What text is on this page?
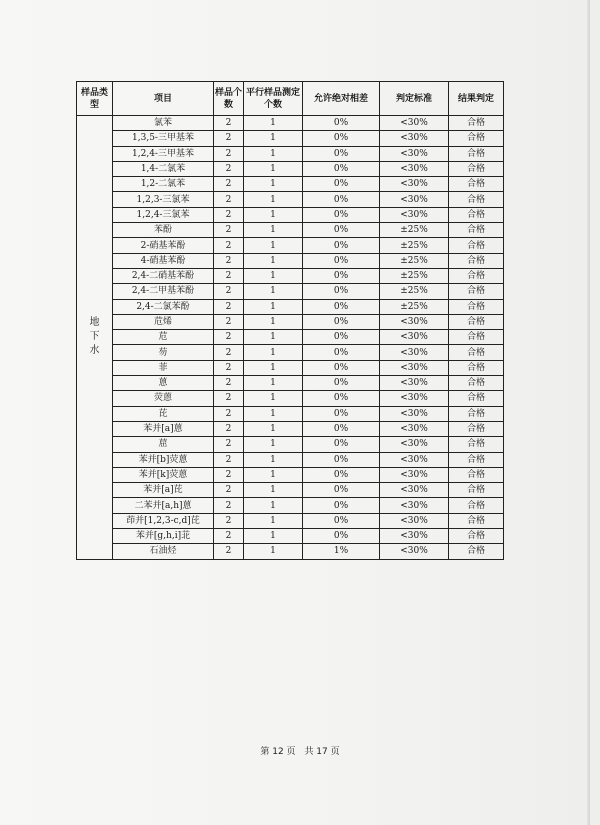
样品类型	项目	样品个数	平行样品测定个数	允许绝对相差	判定标准	结果判定

地
下
水	氯苯	2	1	0%	<30%	合格
	1,3,5-三甲基苯	2	1	0%	<30%	合格
	1,2,4-三甲基苯	2	1	0%	<30%	合格
	1,4-二氯苯	2	1	0%	<30%	合格
	1,2-二氯苯	2	1	0%	<30%	合格
	1,2,3-三氯苯	2	1	0%	<30%	合格
	1,2,4-三氯苯	2	1	0%	<30%	合格
	苯酚	2	1	0%	±25%	合格
	2-硝基苯酚	2	1	0%	±25%	合格
	4-硝基苯酚	2	1	0%	±25%	合格
	2,4-二硝基苯酚	2	1	0%	±25%	合格
	2,4-二甲基苯酚	2	1	0%	±25%	合格
	2,4-二氯苯酚	2	1	0%	±25%	合格
	苊烯	2	1	0%	<30%	合格
	苊	2	1	0%	<30%	合格
	芴	2	1	0%	<30%	合格
	菲	2	1	0%	<30%	合格
	蒽	2	1	0%	<30%	合格
	荧蒽	2	1	0%	<30%	合格
	芘	2	1	0%	<30%	合格
	苯并[a]蒽	2	1	0%	<30%	合格
	䓛	2	1	0%	<30%	合格
	苯并[b]荧蒽	2	1	0%	<30%	合格
	苯并[k]荧蒽	2	1	0%	<30%	合格
	苯并[a]芘	2	1	0%	<30%	合格
	二苯并[a,h]蒽	2	1	0%	<30%	合格
	茚并[1,2,3-c,d]芘	2	1	0%	<30%	合格
	苯并[g,h,i]苝	2	1	0%	<30%	合格
	石油烃	2	1	1%	<30%	合格
第 12 页 共 17 页
